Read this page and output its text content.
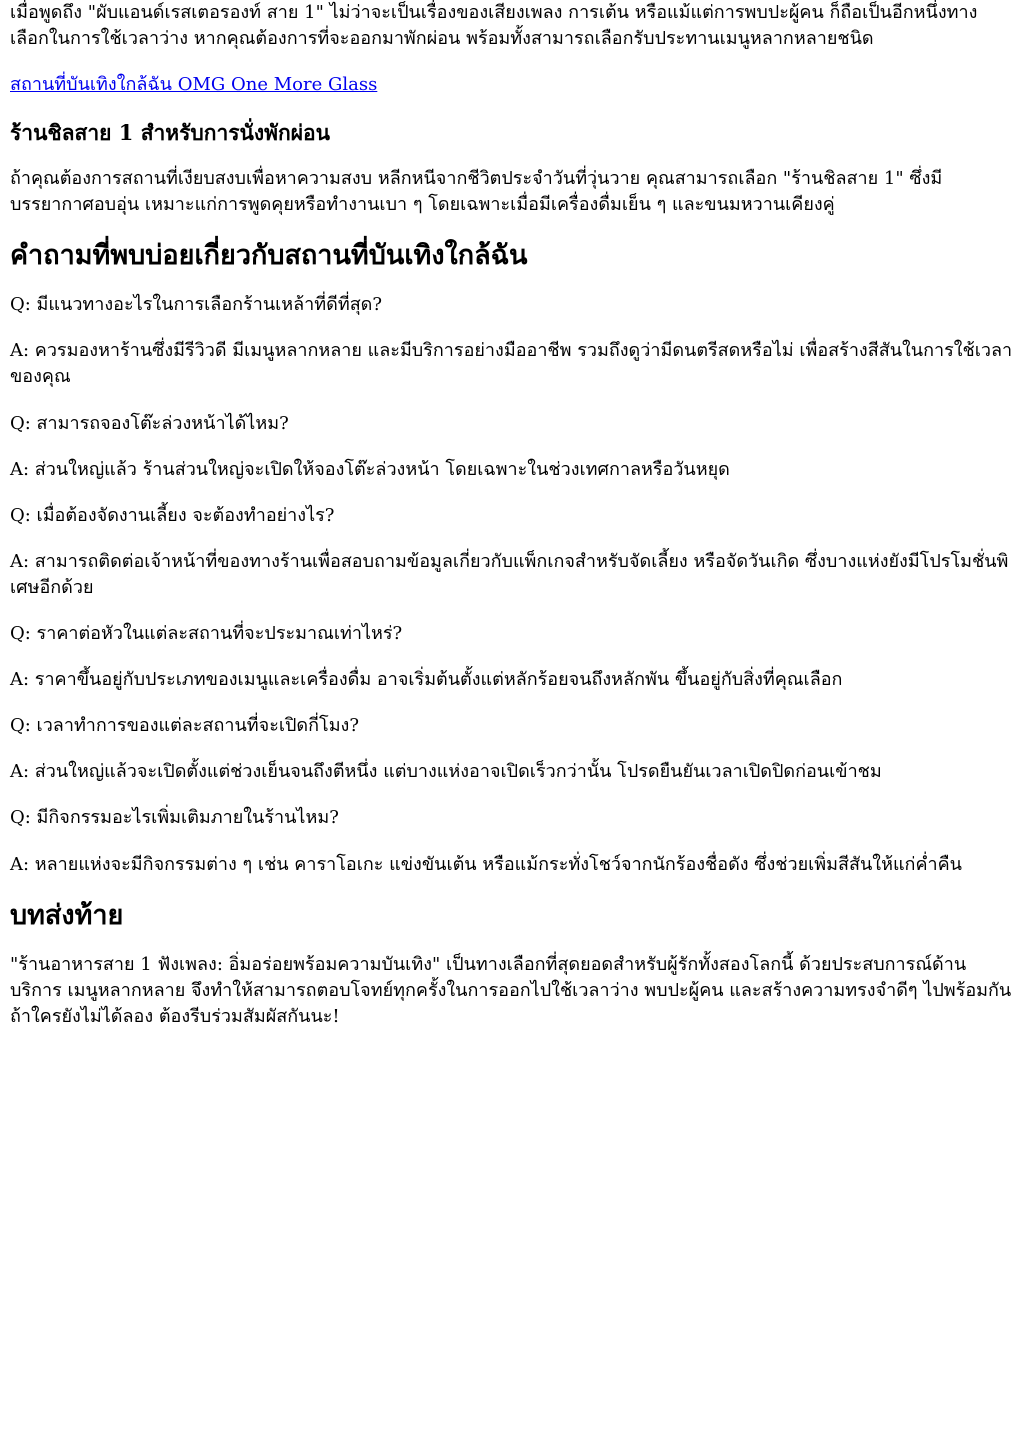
เมื่อพูดถึง "ผับแอนด์เรสเตอรองท์ สาย 1" ไม่ว่าจะเป็นเรื่องของเสียงเพลง การเต้น หรือแม้แต่การพบปะผู้คน ก็ถือเป็นอีกหนึ่งทางเลือกในการใช้เวลาว่าง หากคุณต้องการที่จะออกมาพักผ่อน พร้อมทั้งสามารถเลือกรับประทานเมนูหลากหลายชนิด

สถานที่บันเทิงใกล้ฉัน OMG One More Glass

ร้านชิลสาย 1 สำหรับการนั่งพักผ่อน

ถ้าคุณต้องการสถานที่เงียบสงบเพื่อหาความสงบ หลีกหนีจากชีวิตประจำวันที่วุ่นวาย คุณสามารถเลือก "ร้านชิลสาย 1" ซึ่งมีบรรยากาศอบอุ่น เหมาะแก่การพูดคุยหรือทำงานเบา ๆ โดยเฉพาะเมื่อมีเครื่องดื่มเย็น ๆ และขนมหวานเคียงคู่

คำถามที่พบบ่อยเกี่ยวกับสถานที่บันเทิงใกล้ฉัน

Q: มีแนวทางอะไรในการเลือกร้านเหล้าที่ดีที่สุด?

A: ควรมองหาร้านซึ่งมีรีวิวดี มีเมนูหลากหลาย และมีบริการอย่างมืออาชีพ รวมถึงดูว่ามีดนตรีสดหรือไม่ เพื่อสร้างสีสันในการใช้เวลาของคุณ

Q: สามารถจองโต๊ะล่วงหน้าได้ไหม?

A: ส่วนใหญ่แล้ว ร้านส่วนใหญ่จะเปิดให้จองโต๊ะล่วงหน้า โดยเฉพาะในช่วงเทศกาลหรือวันหยุด

Q: เมื่อต้องจัดงานเลี้ยง จะต้องทำอย่างไร?

A: สามารถติดต่อเจ้าหน้าที่ของทางร้านเพื่อสอบถามข้อมูลเกี่ยวกับแพ็กเกจสำหรับจัดเลี้ยง หรือจัดวันเกิด ซึ่งบางแห่งยังมีโปรโมชั่นพิเศษอีกด้วย

Q: ราคาต่อหัวในแต่ละสถานที่จะประมาณเท่าไหร่?

A: ราคาขึ้นอยู่กับประเภทของเมนูและเครื่องดื่ม อาจเริ่มต้นตั้งแต่หลักร้อยจนถึงหลักพัน ขึ้นอยู่กับสิ่งที่คุณเลือก

Q: เวลาทำการของแต่ละสถานที่จะเปิดกี่โมง?

A: ส่วนใหญ่แล้วจะเปิดตั้งแต่ช่วงเย็นจนถึงตีหนึ่ง แต่บางแห่งอาจเปิดเร็วกว่านั้น โปรดยืนยันเวลาเปิดปิดก่อนเข้าชม

Q: มีกิจกรรมอะไรเพิ่มเติมภายในร้านไหม?

A: หลายแห่งจะมีกิจกรรมต่าง ๆ เช่น คาราโอเกะ แข่งขันเต้น หรือแม้กระทั่งโชว์จากนักร้องชื่อดัง ซึ่งช่วยเพิ่มสีสันให้แก่ค่ำคืน

บทส่งท้าย

"ร้านอาหารสาย 1 ฟังเพลง: อิ่มอร่อยพร้อมความบันเทิง" เป็นทางเลือกที่สุดยอดสำหรับผู้รักทั้งสองโลกนี้ ด้วยประสบการณ์ด้านบริการ เมนูหลากหลาย จึงทำให้สามารถตอบโจทย์ทุกครั้งในการออกไปใช้เวลาว่าง พบปะผู้คน และสร้างความทรงจำดีๆ ไปพร้อมกัน ถ้าใครยังไม่ได้ลอง ต้องรีบร่วมสัมผัสกันนะ!
